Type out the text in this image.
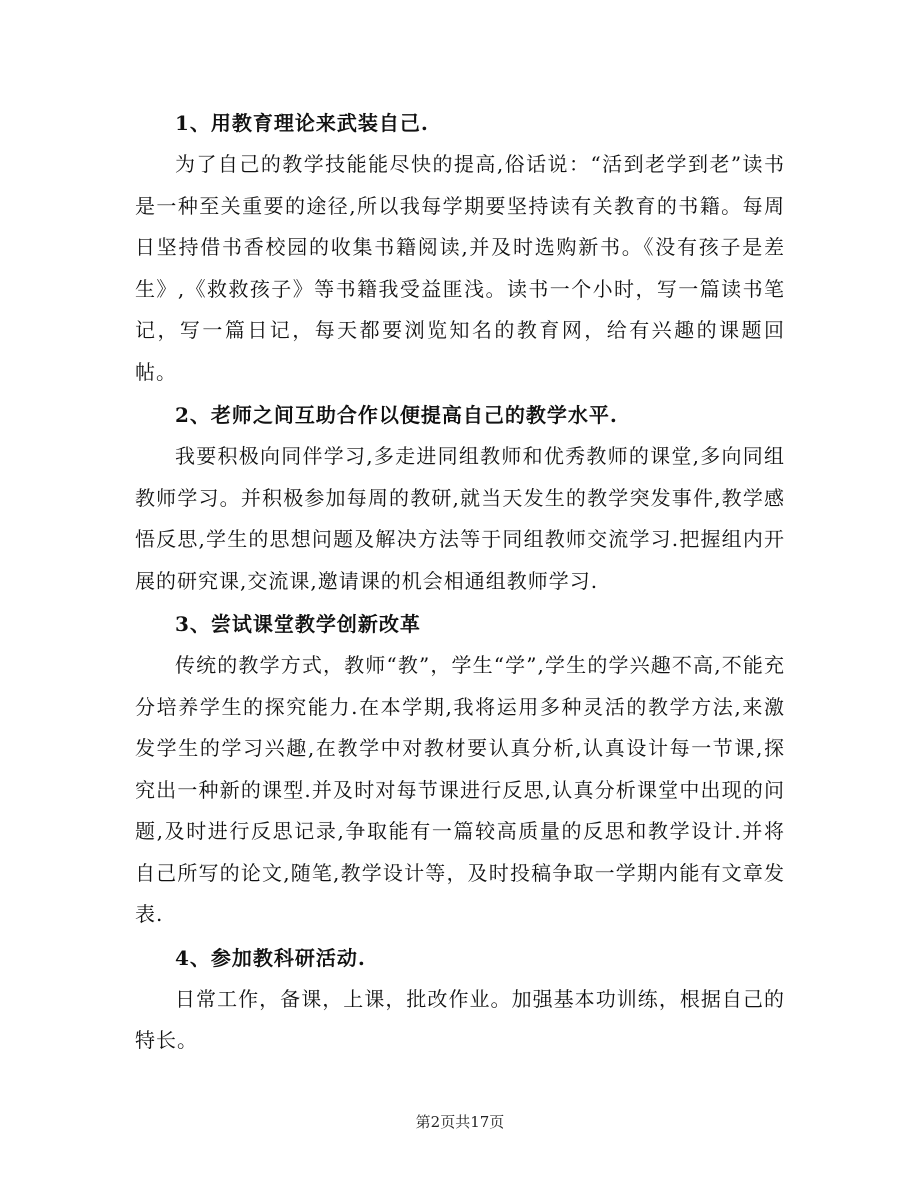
1、用教育理论来武装自己.

为了自己的教学技能能尽快的提高,俗话说：“活到老学到老”读书是一种至关重要的途径,所以我每学期要坚持读有关教育的书籍。每周日坚持借书香校园的收集书籍阅读,并及时选购新书。《没有孩子是差生》,《救救孩子》等书籍我受益匪浅。读书一个小时，写一篇读书笔记，写一篇日记，每天都要浏览知名的教育网，给有兴趣的课题回帖。

2、老师之间互助合作以便提高自己的教学水平.

我要积极向同伴学习,多走进同组教师和优秀教师的课堂,多向同组教师学习。并积极参加每周的教研,就当天发生的教学突发事件,教学感悟反思,学生的思想问题及解决方法等于同组教师交流学习.把握组内开展的研究课,交流课,邀请课的机会相通组教师学习.

3、尝试课堂教学创新改革

传统的教学方式，教师“教”，学生“学”,学生的学兴趣不高,不能充分培养学生的探究能力.在本学期,我将运用多种灵活的教学方法,来激发学生的学习兴趣,在教学中对教材要认真分析,认真设计每一节课,探究出一种新的课型.并及时对每节课进行反思,认真分析课堂中出现的问题,及时进行反思记录,争取能有一篇较高质量的反思和教学设计.并将自己所写的论文,随笔,教学设计等，及时投稿争取一学期内能有文章发表.

4、参加教科研活动.

日常工作，备课，上课，批改作业。加强基本功训练，根据自己的特长。

第2页共17页
